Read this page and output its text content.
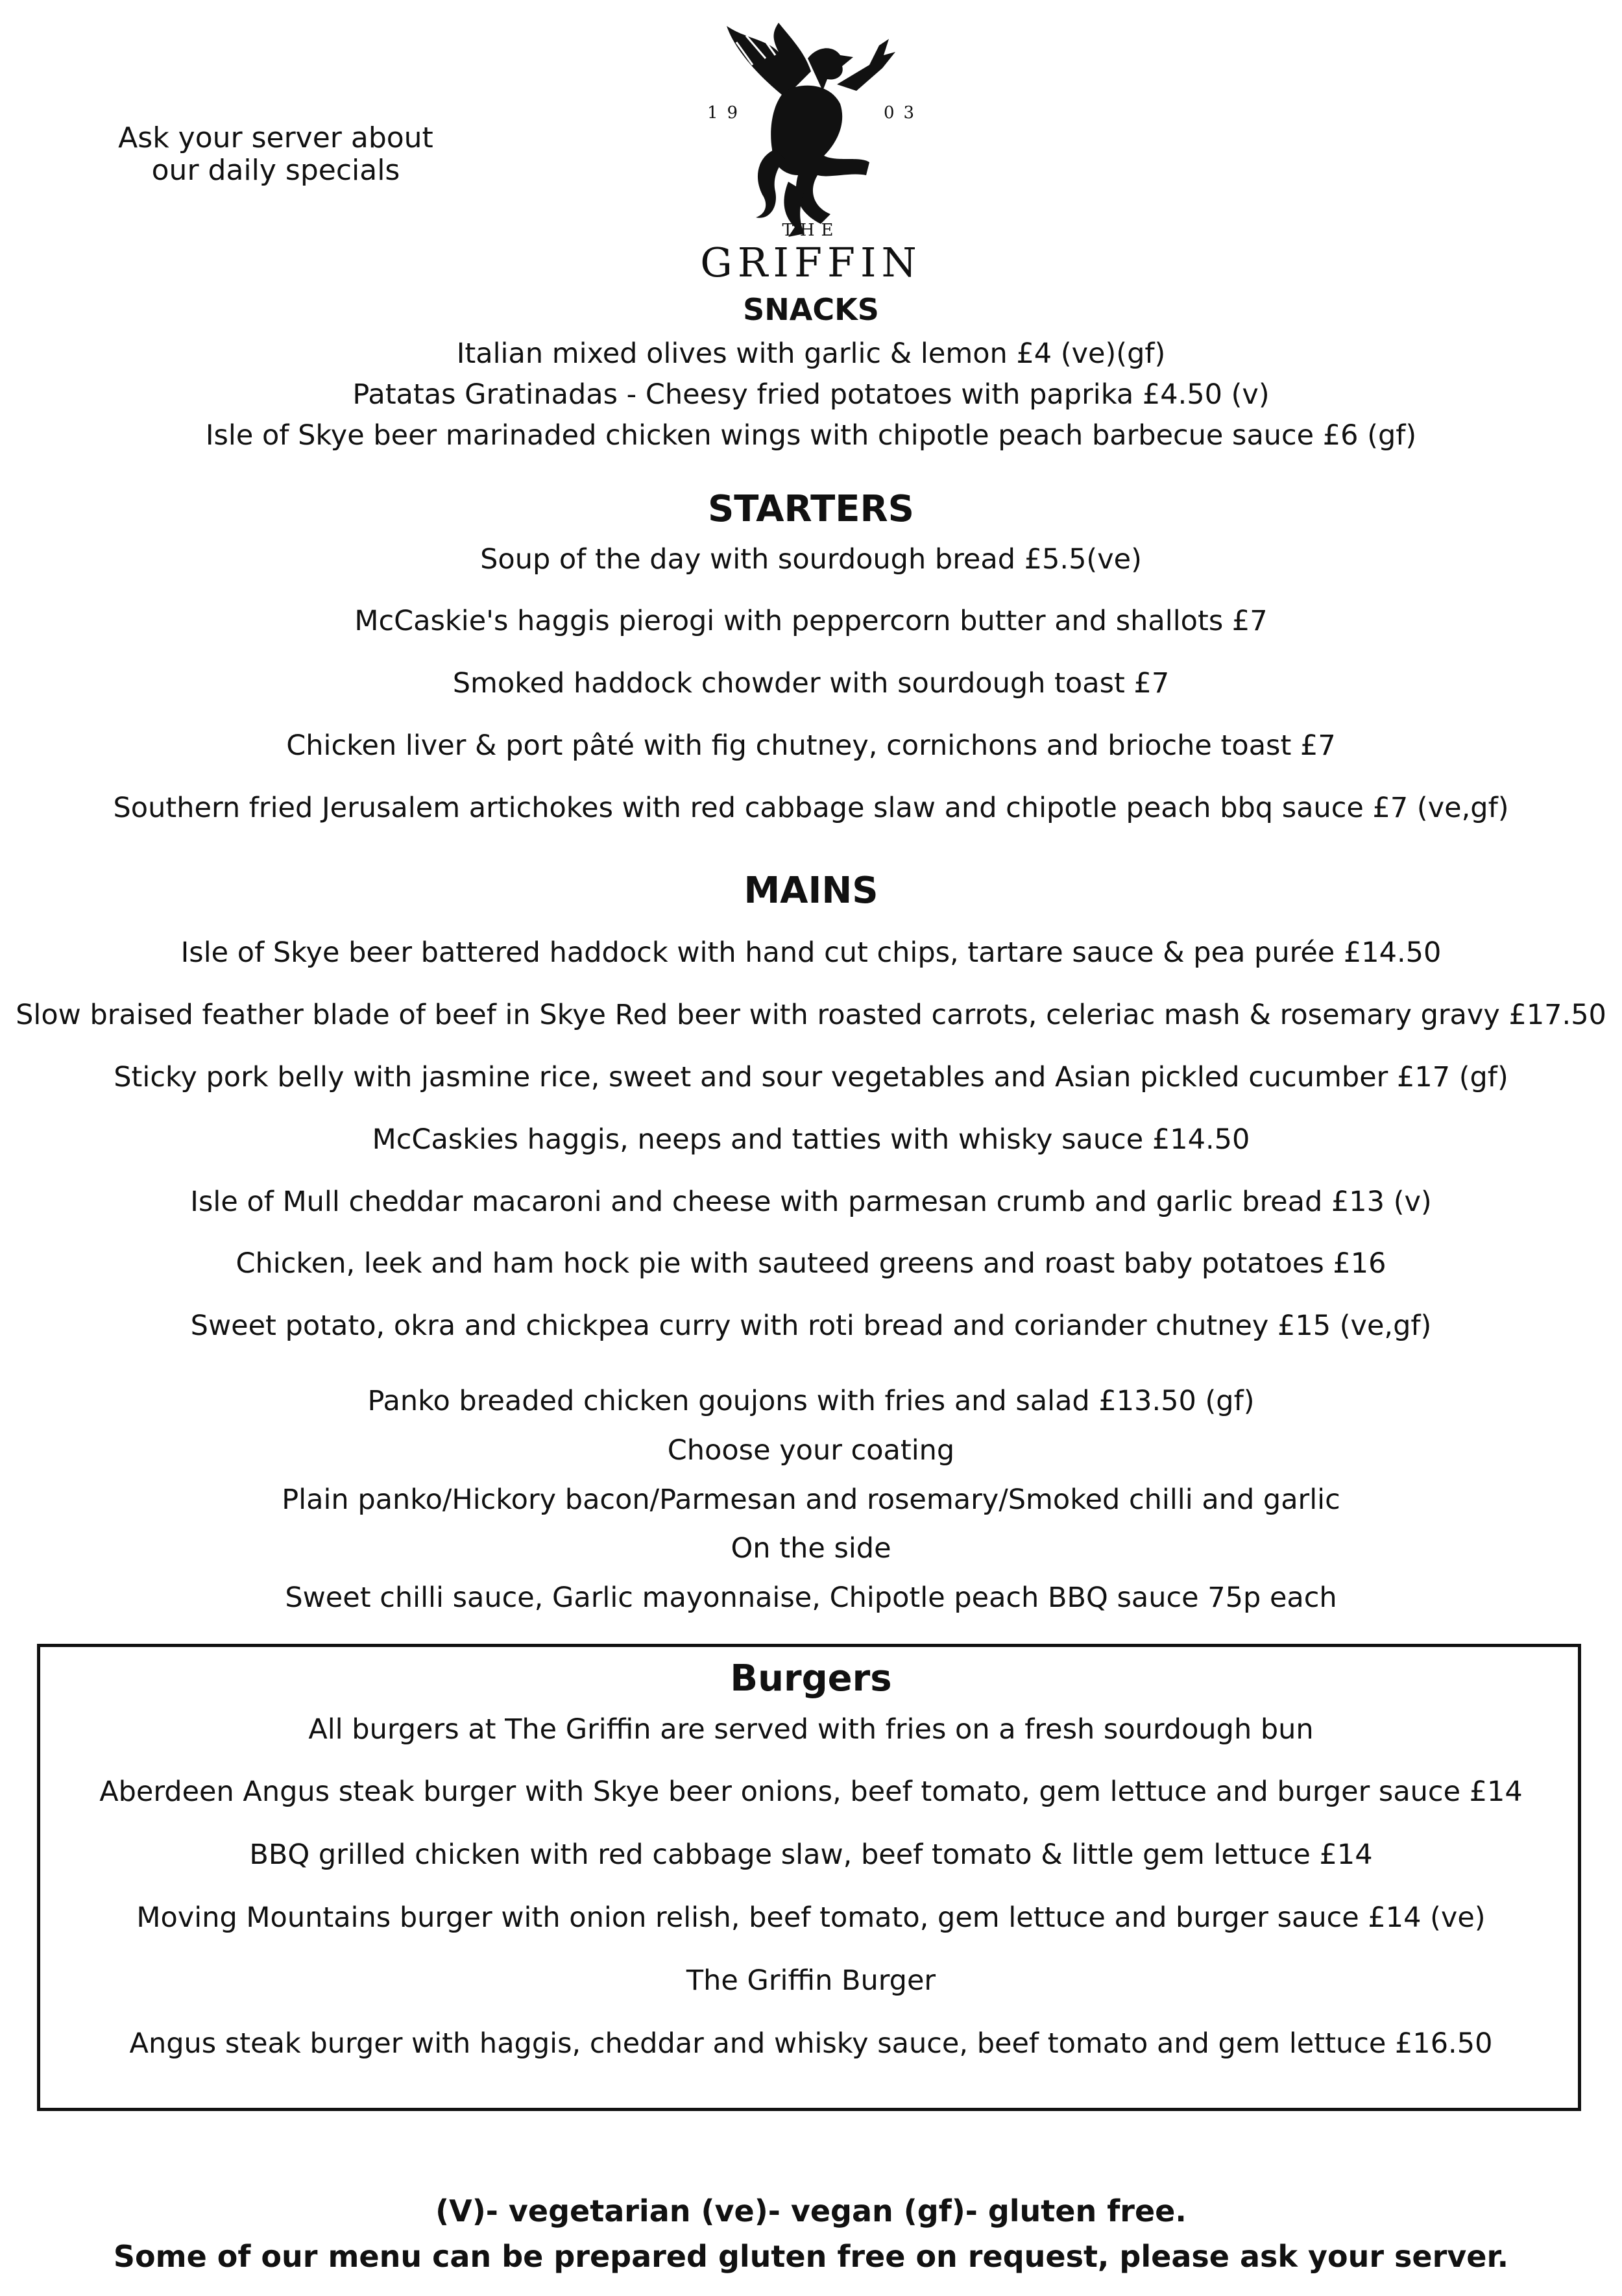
Ask your server about
our daily specials
19	03
THE
GRIFFIN
SNACKS
Italian mixed olives with garlic & lemon £4 (ve)(gf)
Patatas Gratinadas - Cheesy fried potatoes with paprika £4.50 (v)
Isle of Skye beer marinaded chicken wings with chipotle peach barbecue sauce £6 (gf)
STARTERS
Soup of the day with sourdough bread £5.5(ve)
McCaskie's haggis pierogi with peppercorn butter and shallots £7
Smoked haddock chowder with sourdough toast £7
Chicken liver & port pâté with fig chutney, cornichons and brioche toast £7
Southern fried Jerusalem artichokes with red cabbage slaw and chipotle peach bbq sauce £7 (ve,gf)
MAINS
Isle of Skye beer battered haddock with hand cut chips, tartare sauce & pea purée £14.50
Slow braised feather blade of beef in Skye Red beer with roasted carrots, celeriac mash & rosemary gravy £17.50
Sticky pork belly with jasmine rice, sweet and sour vegetables and Asian pickled cucumber £17 (gf)
McCaskies haggis, neeps and tatties with whisky sauce £14.50
Isle of Mull cheddar macaroni and cheese with parmesan crumb and garlic bread £13 (v)
Chicken, leek and ham hock pie with sauteed greens and roast baby potatoes £16
Sweet potato, okra and chickpea curry with roti bread and coriander chutney £15 (ve,gf)
Panko breaded chicken goujons with fries and salad £13.50 (gf)
Choose your coating
Plain panko/Hickory bacon/Parmesan and rosemary/Smoked chilli and garlic
On the side
Sweet chilli sauce, Garlic mayonnaise, Chipotle peach BBQ sauce 75p each
Burgers
All burgers at The Griffin are served with fries on a fresh sourdough bun
Aberdeen Angus steak burger with Skye beer onions, beef tomato, gem lettuce and burger sauce £14
BBQ grilled chicken with red cabbage slaw, beef tomato & little gem lettuce £14
Moving Mountains burger with onion relish, beef tomato, gem lettuce and burger sauce £14 (ve)
The Griffin Burger
Angus steak burger with haggis, cheddar and whisky sauce, beef tomato and gem lettuce £16.50
(V)- vegetarian (ve)- vegan (gf)- gluten free.
Some of our menu can be prepared gluten free on request, please ask your server.
